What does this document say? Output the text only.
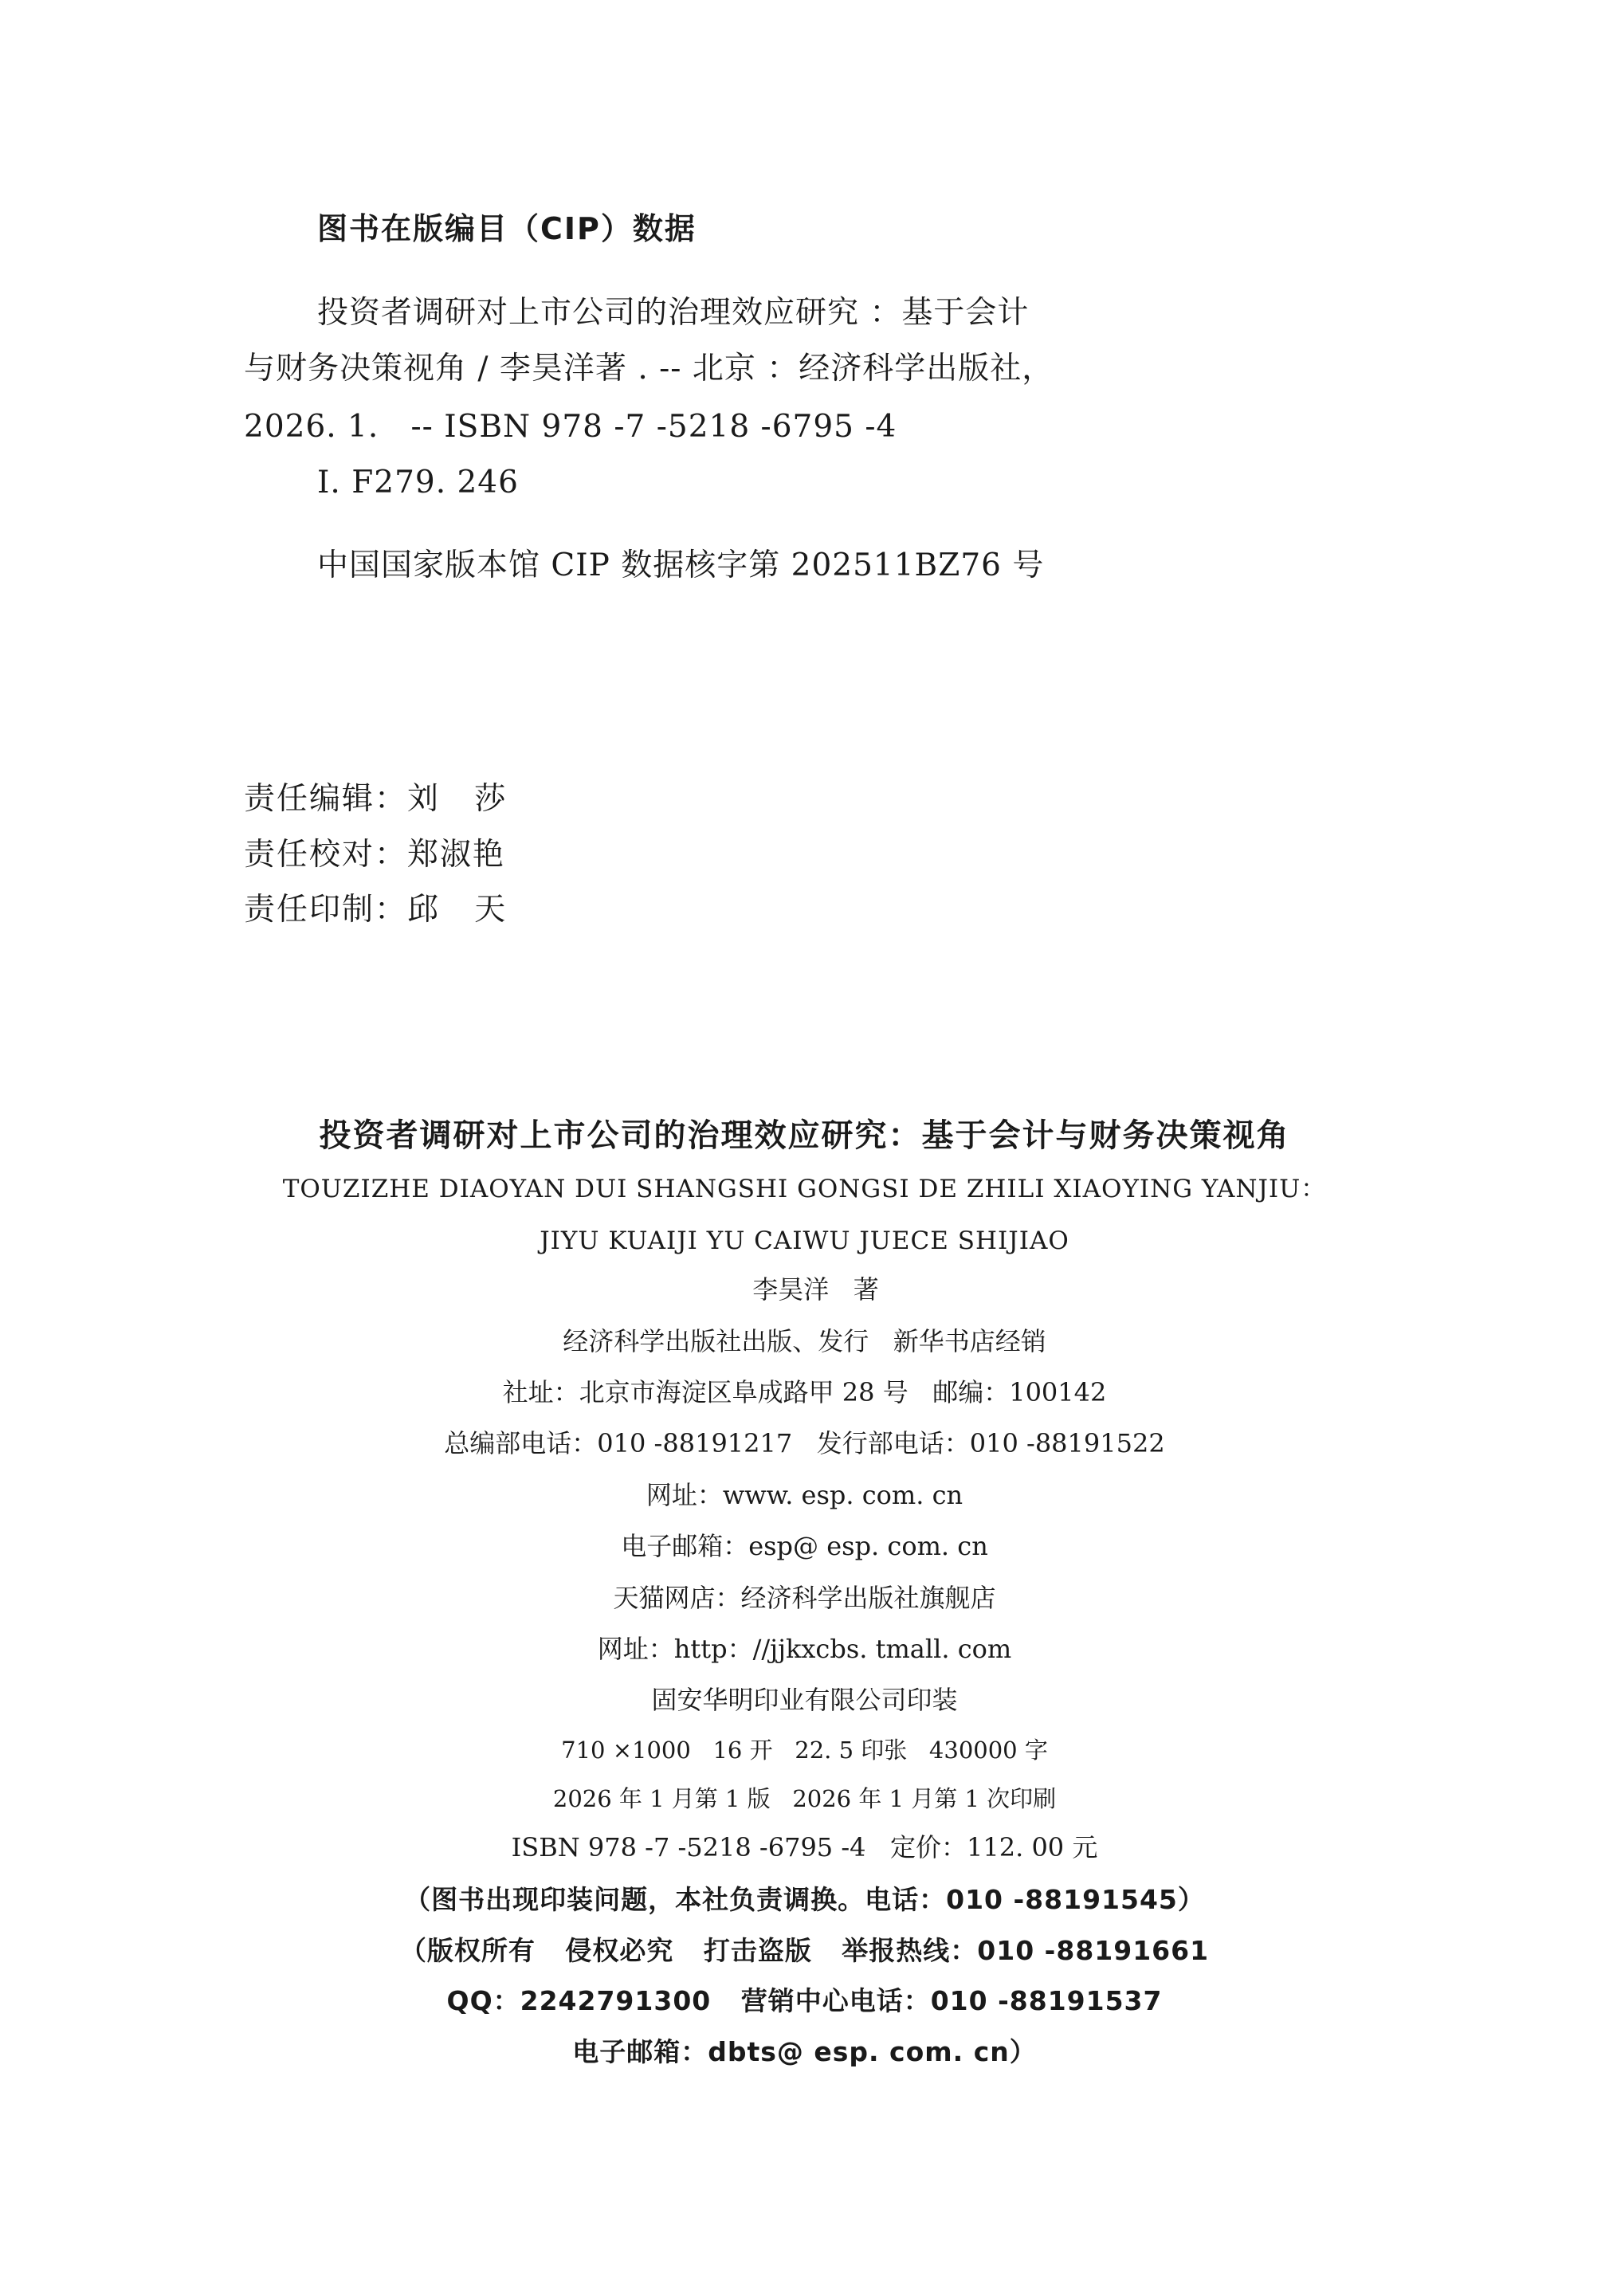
图书在版编目（CIP）数据
投资者调研对上市公司的治理效应研究 ：基于会计
与财务决策视角 / 李昊洋著 . -- 北京 ：经济科学出版社，
2026. 1.   -- ISBN 978 -7 -5218 -6795 -4
Ⅰ. F279. 246
中国国家版本馆 CIP 数据核字第 202511BZ76 号
责任编辑：刘   莎
责任校对：郑淑艳
责任印制：邱   天
投资者调研对上市公司的治理效应研究：基于会计与财务决策视角
TOUZIZHE DIAOYAN DUI SHANGSHI GONGSI DE ZHILI XIAOYING YANJIU：
JIYU KUAIJI YU CAIWU JUECE SHIJIAO
李昊洋   著
经济科学出版社出版、发行   新华书店经销
社址：北京市海淀区阜成路甲 28 号   邮编：100142
总编部电话：010 -88191217   发行部电话：010 -88191522
网址：www. esp. com. cn
电子邮箱：esp@ esp. com. cn
天猫网店：经济科学出版社旗舰店
网址：http：//jjkxcbs. tmall. com
固安华明印业有限公司印装
710 ×1000   16 开   22. 5 印张   430000 字
2026 年 1 月第 1 版   2026 年 1 月第 1 次印刷
ISBN 978 -7 -5218 -6795 -4   定价：112. 00 元
（图书出现印装问题，本社负责调换。电话：010 -88191545）
（版权所有   侵权必究   打击盗版   举报热线：010 -88191661
QQ：2242791300   营销中心电话：010 -88191537
电子邮箱：dbts@ esp. com. cn）
